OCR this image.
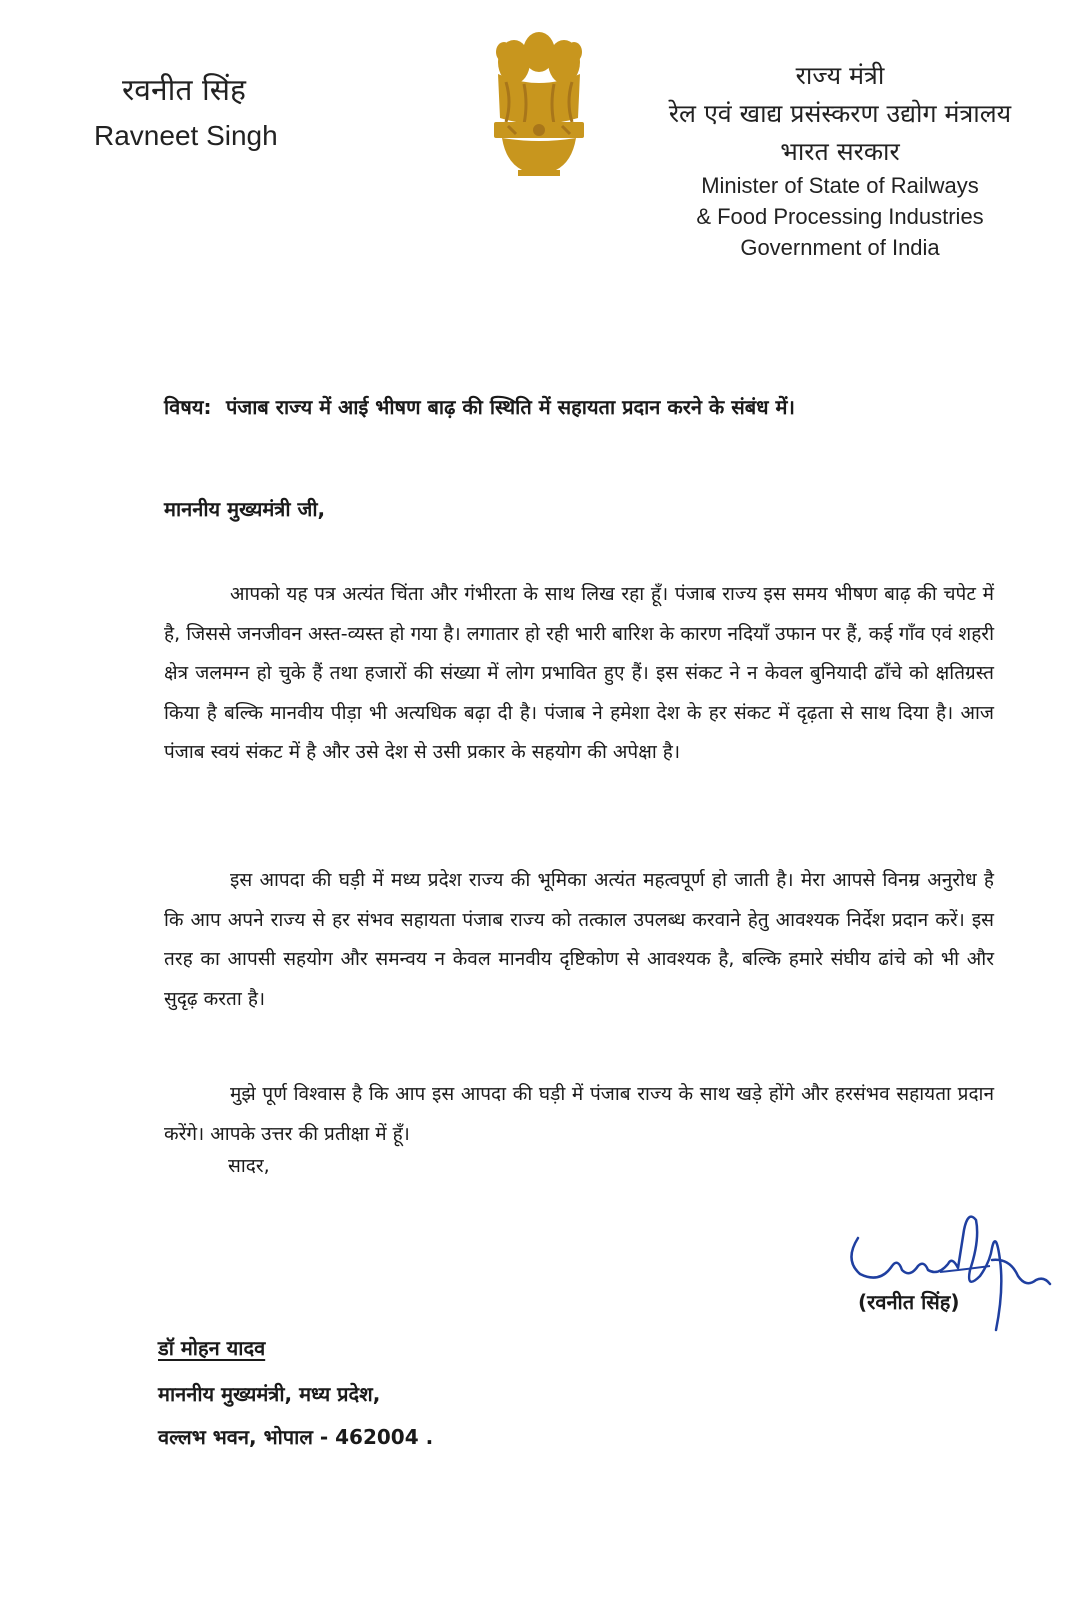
रवनीत सिंह
Ravneet Singh
राज्य मंत्री
रेल एवं खाद्य प्रसंस्करण उद्योग मंत्रालय
भारत सरकार
Minister of State of Railways
& Food Processing Industries
Government of India
विषय: पंजाब राज्य में आई भीषण बाढ़ की स्थिति में सहायता प्रदान करने के संबंध में।
माननीय मुख्यमंत्री जी,

आपको यह पत्र अत्यंत चिंता और गंभीरता के साथ लिख रहा हूँ। पंजाब राज्य इस समय भीषण बाढ़ की चपेट में है, जिससे जनजीवन अस्त-व्यस्त हो गया है। लगातार हो रही भारी बारिश के कारण नदियाँ उफान पर हैं, कई गाँव एवं शहरी क्षेत्र जलमग्न हो चुके हैं तथा हजारों की संख्या में लोग प्रभावित हुए हैं। इस संकट ने न केवल बुनियादी ढाँचे को क्षतिग्रस्त किया है बल्कि मानवीय पीड़ा भी अत्यधिक बढ़ा दी है। पंजाब ने हमेशा देश के हर संकट में दृढ़ता से साथ दिया है। आज पंजाब स्वयं संकट में है और उसे देश से उसी प्रकार के सहयोग की अपेक्षा है।

इस आपदा की घड़ी में मध्य प्रदेश राज्य की भूमिका अत्यंत महत्वपूर्ण हो जाती है। मेरा आपसे विनम्र अनुरोध है कि आप अपने राज्य से हर संभव सहायता पंजाब राज्य को तत्काल उपलब्ध करवाने हेतु आवश्यक निर्देश प्रदान करें। इस तरह का आपसी सहयोग और समन्वय न केवल मानवीय दृष्टिकोण से आवश्यक है, बल्कि हमारे संघीय ढांचे को भी और सुदृढ़ करता है।

मुझे पूर्ण विश्वास है कि आप इस आपदा की घड़ी में पंजाब राज्य के साथ खड़े होंगे और हरसंभव सहायता प्रदान करेंगे। आपके उत्तर की प्रतीक्षा में हूँ।

सादर,
(रवनीत सिंह)
डॉ मोहन यादव
माननीय मुख्यमंत्री, मध्य प्रदेश,
वल्लभ भवन, भोपाल - 462004 .
